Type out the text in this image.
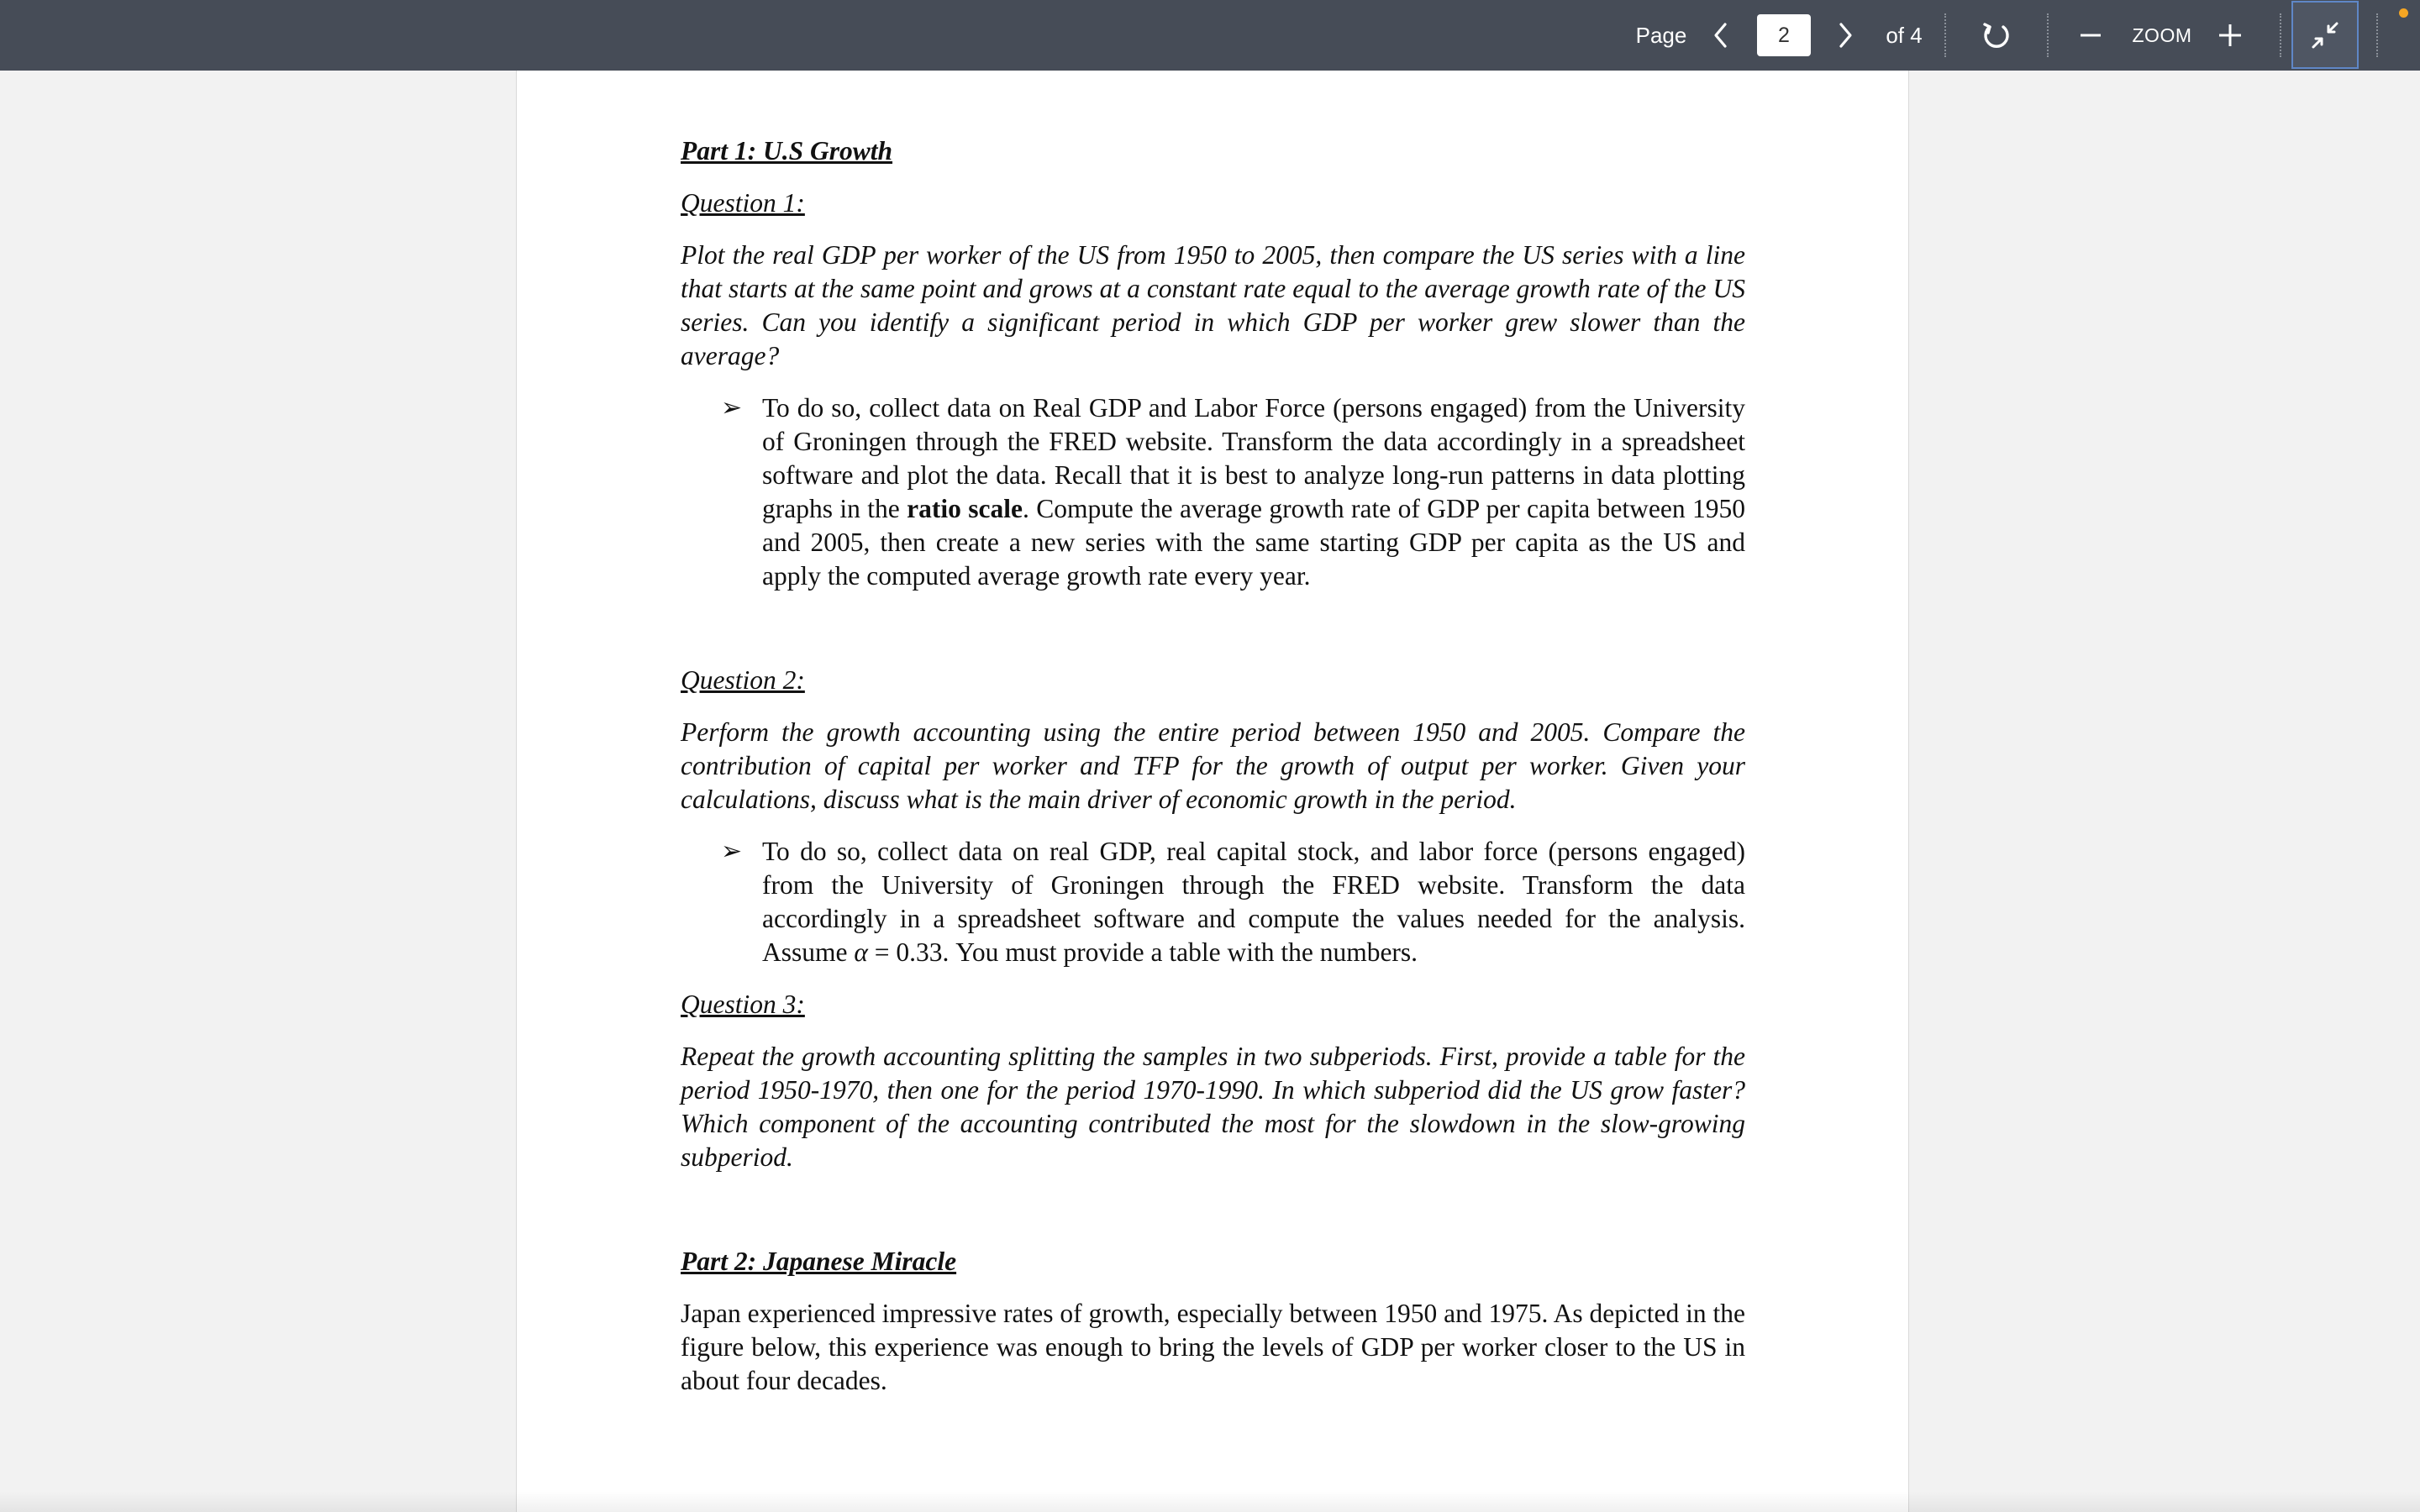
Page
2	of 4	ZOOM

Part 1: U.S Growth

Question 1:

Plot the real GDP per worker of the US from 1950 to 2005, then compare the US series with a line that starts at the same point and grows at a constant rate equal to the average growth rate of the US series. Can you identify a significant period in which GDP per worker grew slower than the average?

➢ To do so, collect data on Real GDP and Labor Force (persons engaged) from the University of Groningen through the FRED website. Transform the data accordingly in a spreadsheet software and plot the data. Recall that it is best to analyze long-run patterns in data plotting graphs in the ratio scale. Compute the average growth rate of GDP per capita between 1950 and 2005, then create a new series with the same starting GDP per capita as the US and apply the computed average growth rate every year.

Question 2:

Perform the growth accounting using the entire period between 1950 and 2005. Compare the contribution of capital per worker and TFP for the growth of output per worker. Given your calculations, discuss what is the main driver of economic growth in the period.

➢ To do so, collect data on real GDP, real capital stock, and labor force (persons engaged) from the University of Groningen through the FRED website. Transform the data accordingly in a spreadsheet software and compute the values needed for the analysis. Assume α = 0.33. You must provide a table with the numbers.

Question 3:

Repeat the growth accounting splitting the samples in two subperiods. First, provide a table for the period 1950-1970, then one for the period 1970-1990. In which subperiod did the US grow faster? Which component of the accounting contributed the most for the slowdown in the slow-growing subperiod.

Part 2: Japanese Miracle

Japan experienced impressive rates of growth, especially between 1950 and 1975. As depicted in the figure below, this experience was enough to bring the levels of GDP per worker closer to the US in about four decades.
